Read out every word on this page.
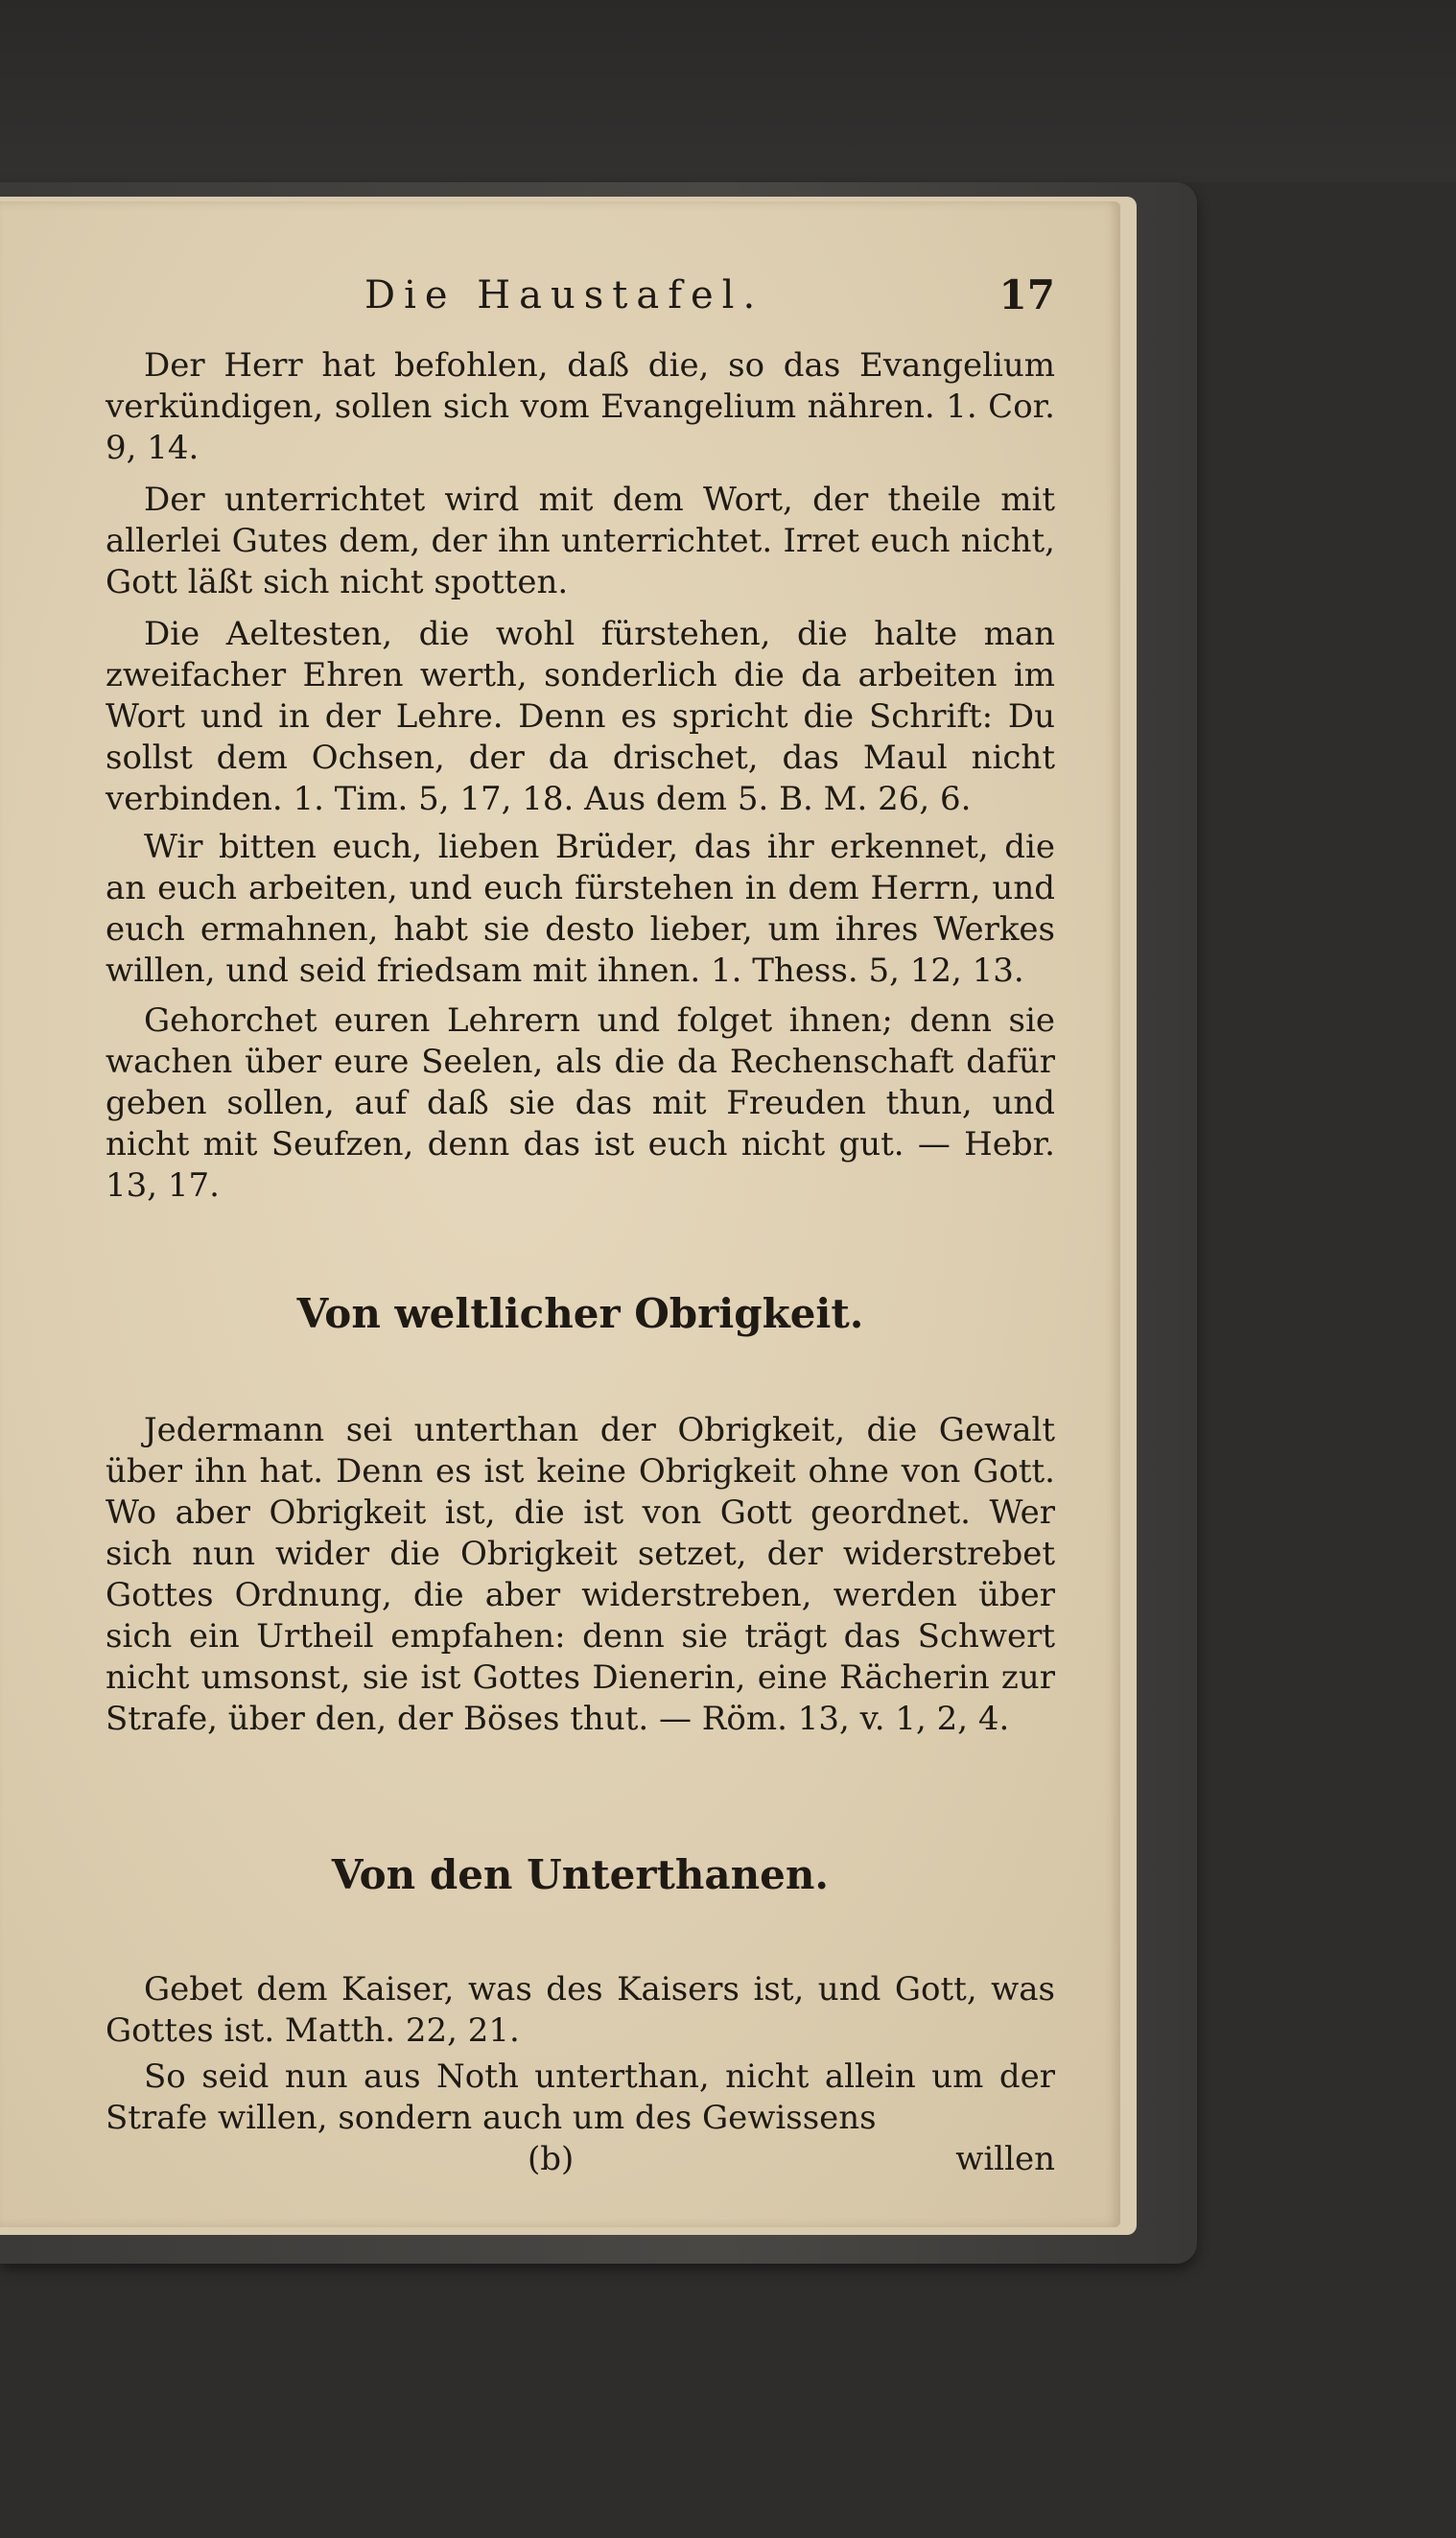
Die Haustafel.	17

Der Herr hat befohlen, daß die, so das Evangelium verkündigen, sollen sich vom Evangelium nähren. 1. Cor. 9, 14.

Der unterrichtet wird mit dem Wort, der theile mit allerlei Gutes dem, der ihn unterrichtet. Irret euch nicht, Gott läßt sich nicht spotten.

Die Aeltesten, die wohl fürstehen, die halte man zweifacher Ehren werth, sonderlich die da arbeiten im Wort und in der Lehre. Denn es spricht die Schrift: Du sollst dem Ochsen, der da drischet, das Maul nicht verbinden. 1. Tim. 5, 17, 18. Aus dem 5. B. M. 26, 6.

Wir bitten euch, lieben Brüder, das ihr erkennet, die an euch arbeiten, und euch fürstehen in dem Herrn, und euch ermahnen, habt sie desto lieber, um ihres Werkes willen, und seid friedsam mit ihnen. 1. Thess. 5, 12, 13.

Gehorchet euren Lehrern und folget ihnen; denn sie wachen über eure Seelen, als die da Rechenschaft dafür geben sollen, auf daß sie das mit Freuden thun, und nicht mit Seufzen, denn das ist euch nicht gut. — Hebr. 13, 17.

Von weltlicher Obrigkeit.

Jedermann sei unterthan der Obrigkeit, die Gewalt über ihn hat. Denn es ist keine Obrigkeit ohne von Gott. Wo aber Obrigkeit ist, die ist von Gott geordnet. Wer sich nun wider die Obrigkeit setzet, der widerstrebet Gottes Ordnung, die aber widerstreben, werden über sich ein Urtheil empfahen: denn sie trägt das Schwert nicht umsonst, sie ist Gottes Dienerin, eine Rächerin zur Strafe, über den, der Böses thut. — Röm. 13, v. 1, 2, 4.

Von den Unterthanen.

Gebet dem Kaiser, was des Kaisers ist, und Gott, was Gottes ist. Matth. 22, 21.

So seid nun aus Noth unterthan, nicht allein um der Strafe willen, sondern auch um des Gewissens

(b)	willen
